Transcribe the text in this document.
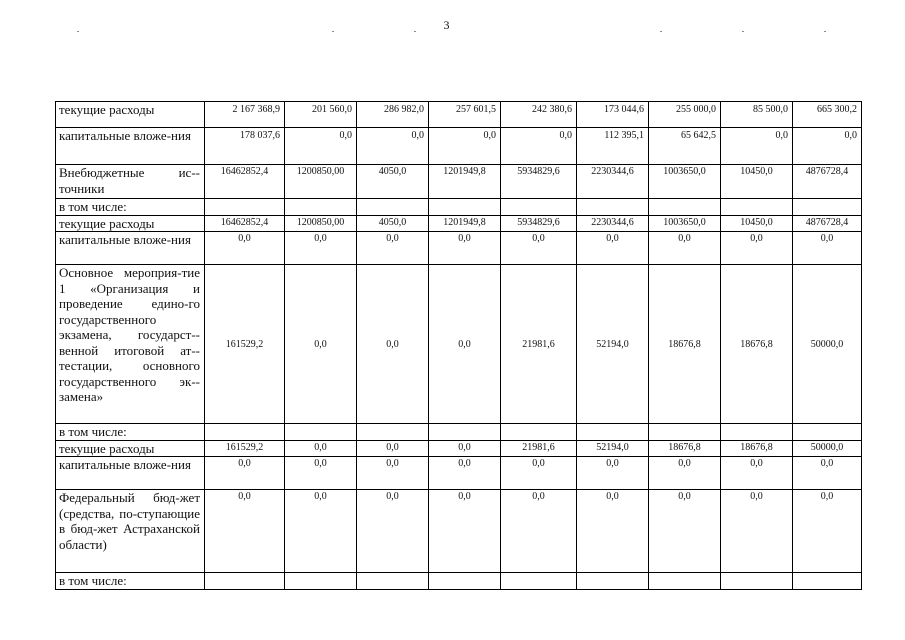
3
текущие расходы	2 167 368,9	201 560,0	286 982,0	257 601,5	242 380,6	173 044,6	255 000,0	85 500,0	665 300,2
капитальные вложе-ния	178 037,6	0,0	0,0	0,0	0,0	112 395,1	65 642,5	0,0	0,0
Внебюджетные ис-точники	16462852,4	1200850,00	4050,0	1201949,8	5934829,6	2230344,6	1003650,0	10450,0	4876728,4
в том числе:									
текущие расходы	16462852,4	1200850,00	4050,0	1201949,8	5934829,6	2230344,6	1003650,0	10450,0	4876728,4
капитальные вложе-ния	0,0	0,0	0,0	0,0	0,0	0,0	0,0	0,0	0,0
Основное мероприя-тие 1 «Организация и проведение едино-го государственного экзамена, государст-венной итоговой ат-тестации, основного государственного эк-замена»	161529,2	0,0	0,0	0,0	21981,6	52194,0	18676,8	18676,8	50000,0
в том числе:									
текущие расходы	161529,2	0,0	0,0	0,0	21981,6	52194,0	18676,8	18676,8	50000,0
капитальные вложе-ния	0,0	0,0	0,0	0,0	0,0	0,0	0,0	0,0	0,0
Федеральный бюд-жет (средства, по-ступающие в бюд-жет Астраханской области)	0,0	0,0	0,0	0,0	0,0	0,0	0,0	0,0	0,0
в том числе:									
